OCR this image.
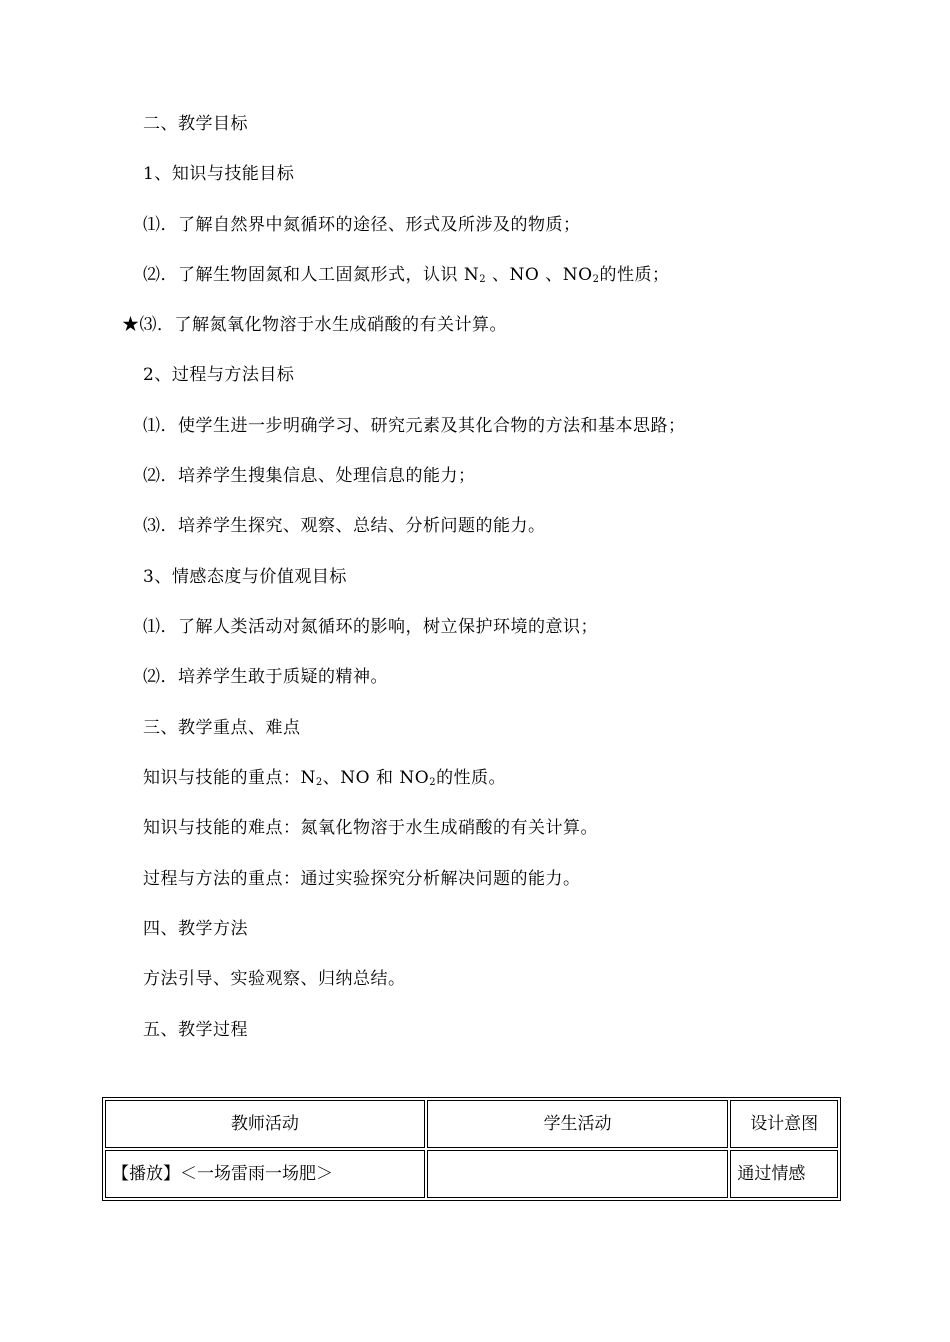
二、教学目标
1、知识与技能目标
⑴．了解自然界中氮循环的途径、形式及所涉及的物质；
⑵．了解生物固氮和人工固氮形式，认识 $N_2$ 、NO 、$NO_2$的性质；
★⑶．了解氮氧化物溶于水生成硝酸的有关计算。
2、过程与方法目标
⑴．使学生进一步明确学习、研究元素及其化合物的方法和基本思路；
⑵．培养学生搜集信息、处理信息的能力；
⑶．培养学生探究、观察、总结、分析问题的能力。
3、情感态度与价值观目标
⑴．了解人类活动对氮循环的影响，树立保护环境的意识；
⑵．培养学生敢于质疑的精神。
三、教学重点、难点
知识与技能的重点：$N_2$、NO 和 $NO_2$的性质。
知识与技能的难点：氮氧化物溶于水生成硝酸的有关计算。
过程与方法的重点：通过实验探究分析解决问题的能力。
四、教学方法
方法引导、实验观察、归纳总结。
五、教学过程
教师活动	学生活动	设计意图
【播放】＜一场雷雨一场肥＞		通过情感
